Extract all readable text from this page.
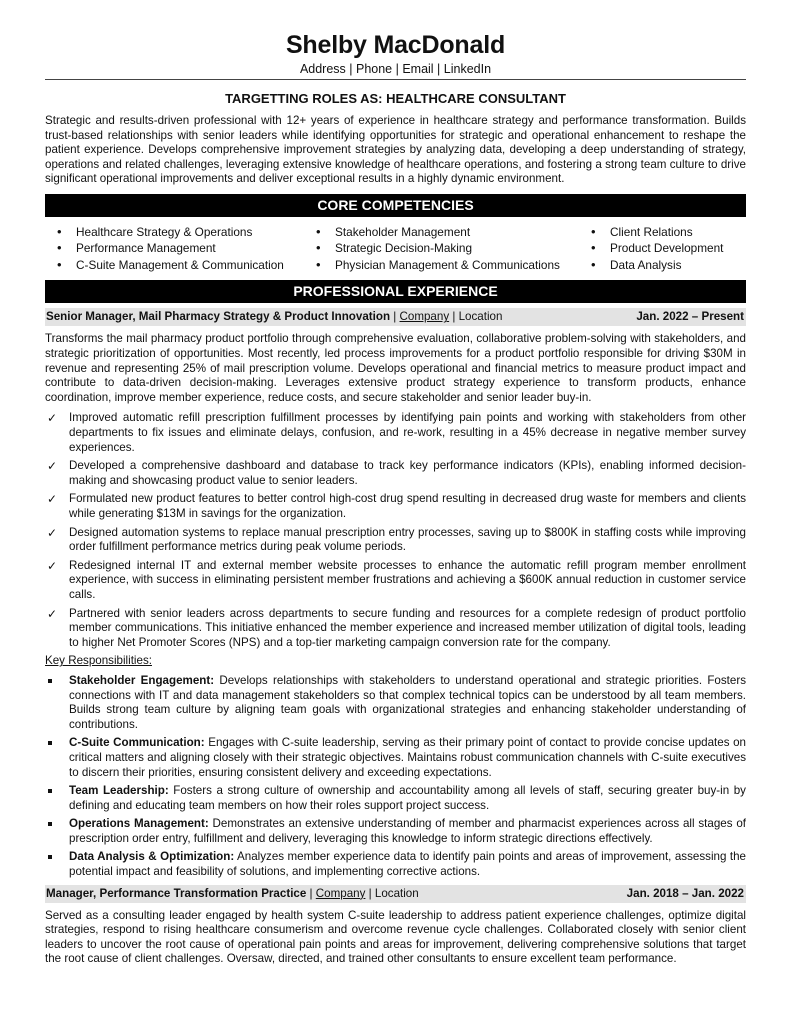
Shelby MacDonald
Address | Phone | Email | LinkedIn
TARGETTING ROLES AS: HEALTHCARE CONSULTANT

Strategic and results-driven professional with 12+ years of experience in healthcare strategy and performance transformation. Builds trust-based relationships with senior leaders while identifying opportunities for strategic and operational enhancement to reshape the patient experience. Develops comprehensive improvement strategies by analyzing data, developing a deep understanding of strategy, operations and related challenges, leveraging extensive knowledge of healthcare operations, and fostering a strong team culture to drive significant operational improvements and deliver exceptional results in a highly dynamic environment.

CORE COMPETENCIES
• Healthcare Strategy & Operations
• Performance Management
• C-Suite Management & Communication
• Stakeholder Management
• Strategic Decision-Making
• Physician Management & Communications
• Client Relations
• Product Development
• Data Analysis
PROFESSIONAL EXPERIENCE
Senior Manager, Mail Pharmacy Strategy & Product Innovation | Company | Location	Jan. 2022 – Present

Transforms the mail pharmacy product portfolio through comprehensive evaluation, collaborative problem-solving with stakeholders, and strategic prioritization of opportunities. Most recently, led process improvements for a product portfolio responsible for driving $30M in revenue and representing 25% of mail prescription volume. Develops operational and financial metrics to measure product impact and contribute to data-driven decision-making. Leverages extensive product strategy experience to transform products, enhance coordination, improve member experience, reduce costs, and secure stakeholder and senior leader buy-in.

✓ Improved automatic refill prescription fulfillment processes by identifying pain points and working with stakeholders from other departments to fix issues and eliminate delays, confusion, and re-work, resulting in a 45% decrease in negative member survey experiences.
✓ Developed a comprehensive dashboard and database to track key performance indicators (KPIs), enabling informed decision-making and showcasing product value to senior leaders.
✓ Formulated new product features to better control high-cost drug spend resulting in decreased drug waste for members and clients while generating $13M in savings for the organization.
✓ Designed automation systems to replace manual prescription entry processes, saving up to $800K in staffing costs while improving order fulfillment performance metrics during peak volume periods.
✓ Redesigned internal IT and external member website processes to enhance the automatic refill program member enrollment experience, with success in eliminating persistent member frustrations and achieving a $600K annual reduction in customer service calls.
✓ Partnered with senior leaders across departments to secure funding and resources for a complete redesign of product portfolio member communications. This initiative enhanced the member experience and increased member utilization of digital tools, leading to higher Net Promoter Scores (NPS) and a top-tier marketing campaign conversion rate for the company.
Key Responsibilities:
Stakeholder Engagement: Develops relationships with stakeholders to understand operational and strategic priorities. Fosters connections with IT and data management stakeholders so that complex technical topics can be understood by all team members. Builds strong team culture by aligning team goals with organizational strategies and enhancing stakeholder understanding of contributions.
C-Suite Communication: Engages with C-suite leadership, serving as their primary point of contact to provide concise updates on critical matters and aligning closely with their strategic objectives. Maintains robust communication channels with C-suite executives to discern their priorities, ensuring consistent delivery and exceeding expectations.
Team Leadership: Fosters a strong culture of ownership and accountability among all levels of staff, securing greater buy-in by defining and educating team members on how their roles support project success.
Operations Management: Demonstrates an extensive understanding of member and pharmacist experiences across all stages of prescription order entry, fulfillment and delivery, leveraging this knowledge to inform strategic directions effectively.
Data Analysis & Optimization: Analyzes member experience data to identify pain points and areas of improvement, assessing the potential impact and feasibility of solutions, and implementing corrective actions.
Manager, Performance Transformation Practice | Company | Location	Jan. 2018 – Jan. 2022

Served as a consulting leader engaged by health system C-suite leadership to address patient experience challenges, optimize digital strategies, respond to rising healthcare consumerism and overcome revenue cycle challenges. Collaborated closely with senior client leaders to uncover the root cause of operational pain points and areas for improvement, delivering comprehensive solutions that target the root cause of client challenges. Oversaw, directed, and trained other consultants to ensure excellent team performance.
